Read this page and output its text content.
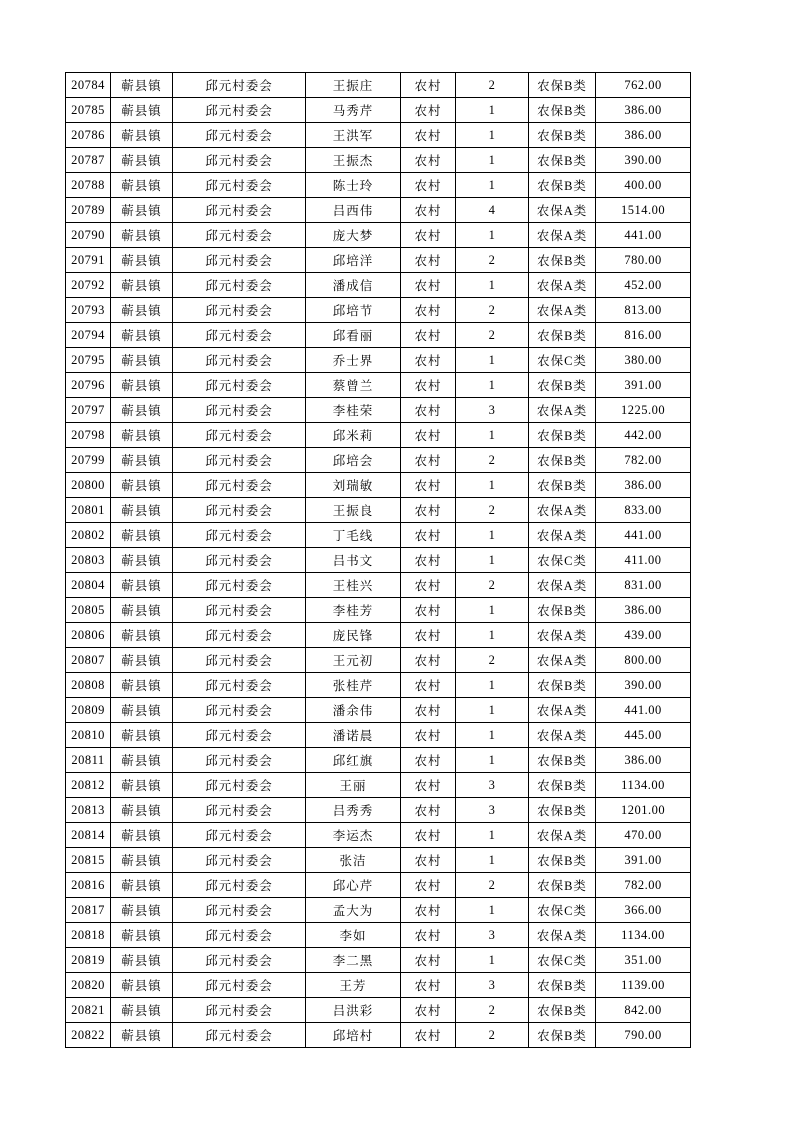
20784	蕲县镇	邱元村委会	王振庄	农村	2	农保B类	762.00
20785	蕲县镇	邱元村委会	马秀芹	农村	1	农保B类	386.00
20786	蕲县镇	邱元村委会	王洪军	农村	1	农保B类	386.00
20787	蕲县镇	邱元村委会	王振杰	农村	1	农保B类	390.00
20788	蕲县镇	邱元村委会	陈士玲	农村	1	农保B类	400.00
20789	蕲县镇	邱元村委会	吕西伟	农村	4	农保A类	1514.00
20790	蕲县镇	邱元村委会	庞大梦	农村	1	农保A类	441.00
20791	蕲县镇	邱元村委会	邱培洋	农村	2	农保B类	780.00
20792	蕲县镇	邱元村委会	潘成信	农村	1	农保A类	452.00
20793	蕲县镇	邱元村委会	邱培节	农村	2	农保A类	813.00
20794	蕲县镇	邱元村委会	邱看丽	农村	2	农保B类	816.00
20795	蕲县镇	邱元村委会	乔士界	农村	1	农保C类	380.00
20796	蕲县镇	邱元村委会	蔡曾兰	农村	1	农保B类	391.00
20797	蕲县镇	邱元村委会	李桂荣	农村	3	农保A类	1225.00
20798	蕲县镇	邱元村委会	邱米莉	农村	1	农保B类	442.00
20799	蕲县镇	邱元村委会	邱培会	农村	2	农保B类	782.00
20800	蕲县镇	邱元村委会	刘瑞敏	农村	1	农保B类	386.00
20801	蕲县镇	邱元村委会	王振良	农村	2	农保A类	833.00
20802	蕲县镇	邱元村委会	丁毛线	农村	1	农保A类	441.00
20803	蕲县镇	邱元村委会	吕书文	农村	1	农保C类	411.00
20804	蕲县镇	邱元村委会	王桂兴	农村	2	农保A类	831.00
20805	蕲县镇	邱元村委会	李桂芳	农村	1	农保B类	386.00
20806	蕲县镇	邱元村委会	庞民锋	农村	1	农保A类	439.00
20807	蕲县镇	邱元村委会	王元初	农村	2	农保A类	800.00
20808	蕲县镇	邱元村委会	张桂芹	农村	1	农保B类	390.00
20809	蕲县镇	邱元村委会	潘余伟	农村	1	农保A类	441.00
20810	蕲县镇	邱元村委会	潘诺晨	农村	1	农保A类	445.00
20811	蕲县镇	邱元村委会	邱红旗	农村	1	农保B类	386.00
20812	蕲县镇	邱元村委会	王丽	农村	3	农保B类	1134.00
20813	蕲县镇	邱元村委会	吕秀秀	农村	3	农保B类	1201.00
20814	蕲县镇	邱元村委会	李运杰	农村	1	农保A类	470.00
20815	蕲县镇	邱元村委会	张洁	农村	1	农保B类	391.00
20816	蕲县镇	邱元村委会	邱心芹	农村	2	农保B类	782.00
20817	蕲县镇	邱元村委会	孟大为	农村	1	农保C类	366.00
20818	蕲县镇	邱元村委会	李如	农村	3	农保A类	1134.00
20819	蕲县镇	邱元村委会	李二黑	农村	1	农保C类	351.00
20820	蕲县镇	邱元村委会	王芳	农村	3	农保B类	1139.00
20821	蕲县镇	邱元村委会	吕洪彩	农村	2	农保B类	842.00
20822	蕲县镇	邱元村委会	邱培村	农村	2	农保B类	790.00
